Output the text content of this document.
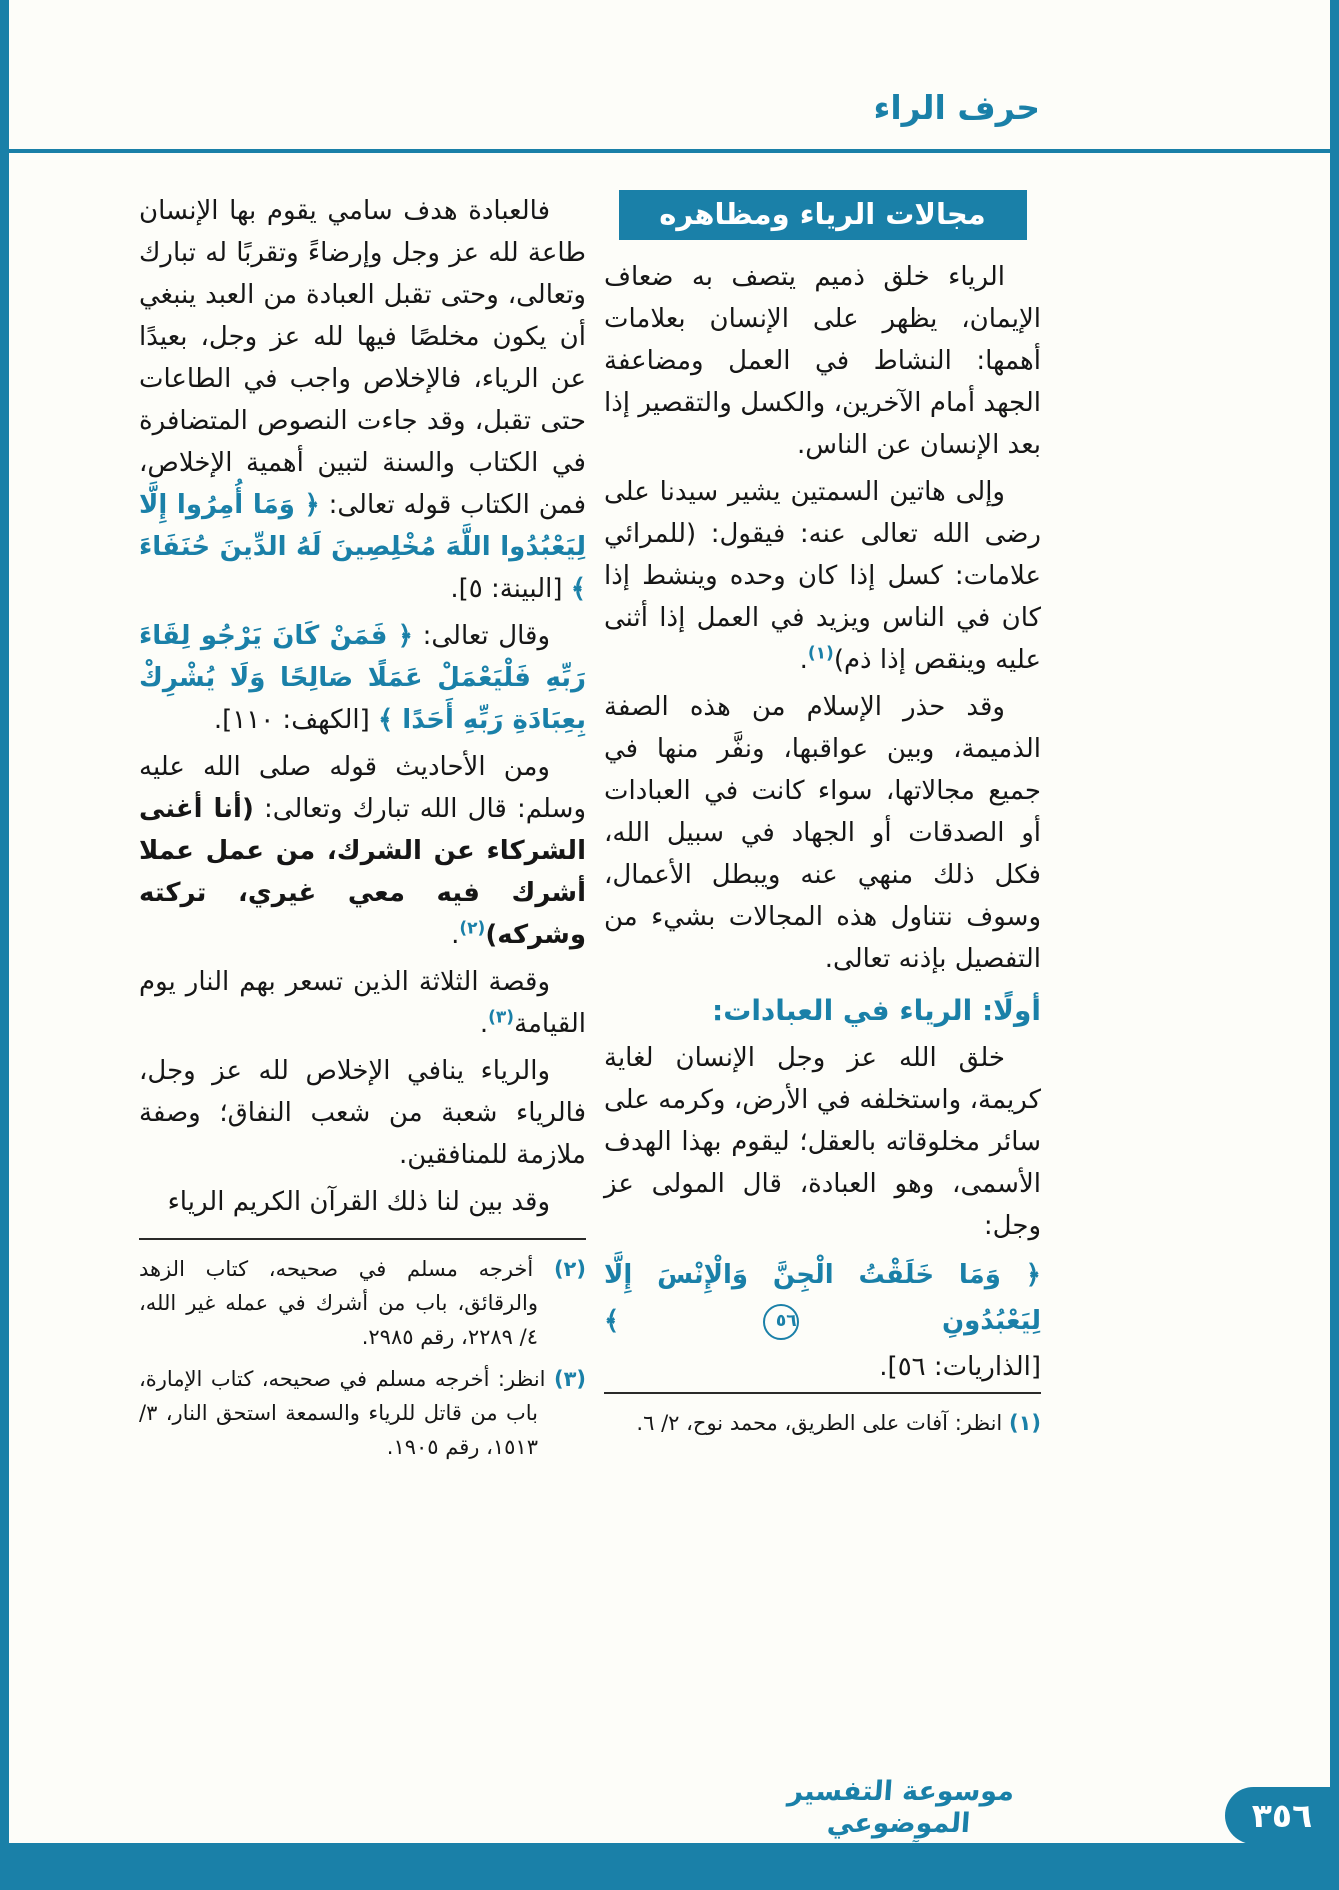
حرف الراء
مجالات الرياء ومظاهره

الرياء خلق ذميم يتصف به ضعاف الإيمان، يظهر على الإنسان بعلامات أهمها: النشاط في العمل ومضاعفة الجهد أمام الآخرين، والكسل والتقصير إذا بعد الإنسان عن الناس.

وإلى هاتين السمتين يشير سيدنا على رضى الله تعالى عنه: فيقول: (للمرائي علامات: كسل إذا كان وحده وينشط إذا كان في الناس ويزيد في العمل إذا أثنى عليه وينقص إذا ذم)$^{(١)}$.

وقد حذر الإسلام من هذه الصفة الذميمة، وبين عواقبها، ونفَّر منها في جميع مجالاتها، سواء كانت في العبادات أو الصدقات أو الجهاد في سبيل الله، فكل ذلك منهي عنه ويبطل الأعمال، وسوف نتناول هذه المجالات بشيء من التفصيل بإذنه تعالى.

أولًا: الرياء في العبادات:

خلق الله عز وجل الإنسان لغاية كريمة، واستخلفه في الأرض، وكرمه على سائر مخلوقاته بالعقل؛ ليقوم بهذا الهدف الأسمى، وهو العبادة، قال المولى عز وجل:

﴿ وَمَا خَلَقْتُ الْجِنَّ وَالْإِنْسَ إِلَّا لِيَعْبُدُونِ ٥٦ ﴾
[الذاريات: ٥٦].

(١) انظر: آفات على الطريق، محمد نوح، ٢/ ٦.

فالعبادة هدف سامي يقوم بها الإنسان طاعة لله عز وجل وإرضاءً وتقربًا له تبارك وتعالى، وحتى تقبل العبادة من العبد ينبغي أن يكون مخلصًا فيها لله عز وجل، بعيدًا عن الرياء، فالإخلاص واجب في الطاعات حتى تقبل، وقد جاءت النصوص المتضافرة في الكتاب والسنة لتبين أهمية الإخلاص، فمن الكتاب قوله تعالى: ﴿ وَمَا أُمِرُوا إِلَّا لِيَعْبُدُوا اللَّهَ مُخْلِصِينَ لَهُ الدِّينَ حُنَفَاءَ ﴾ [البينة: ٥].

وقال تعالى: ﴿ فَمَنْ كَانَ يَرْجُو لِقَاءَ رَبِّهِ فَلْيَعْمَلْ عَمَلًا صَالِحًا وَلَا يُشْرِكْ بِعِبَادَةِ رَبِّهِ أَحَدًا ﴾ [الكهف: ١١٠].

ومن الأحاديث قوله صلى الله عليه وسلم: قال الله تبارك وتعالى: (أنا أغنى الشركاء عن الشرك، من عمل عملا أشرك فيه معي غيري، تركته وشركه)$^{(٢)}$.

وقصة الثلاثة الذين تسعر بهم النار يوم القيامة$^{(٣)}$.

والرياء ينافي الإخلاص لله عز وجل، فالرياء شعبة من شعب النفاق؛ وصفة ملازمة للمنافقين.

وقد بين لنا ذلك القرآن الكريم الرياء

(٢) أخرجه مسلم في صحيحه، كتاب الزهد والرقائق، باب من أشرك في عمله غير الله، ٤/ ٢٢٨٩، رقم ٢٩٨٥.

(٣) انظر: أخرجه مسلم في صحيحه، كتاب الإمارة، باب من قاتل للرياء والسمعة استحق النار، ٣/ ١٥١٣، رقم ١٩٠٥.

موسوعة التفسير الموضوعي	٣٥٦
